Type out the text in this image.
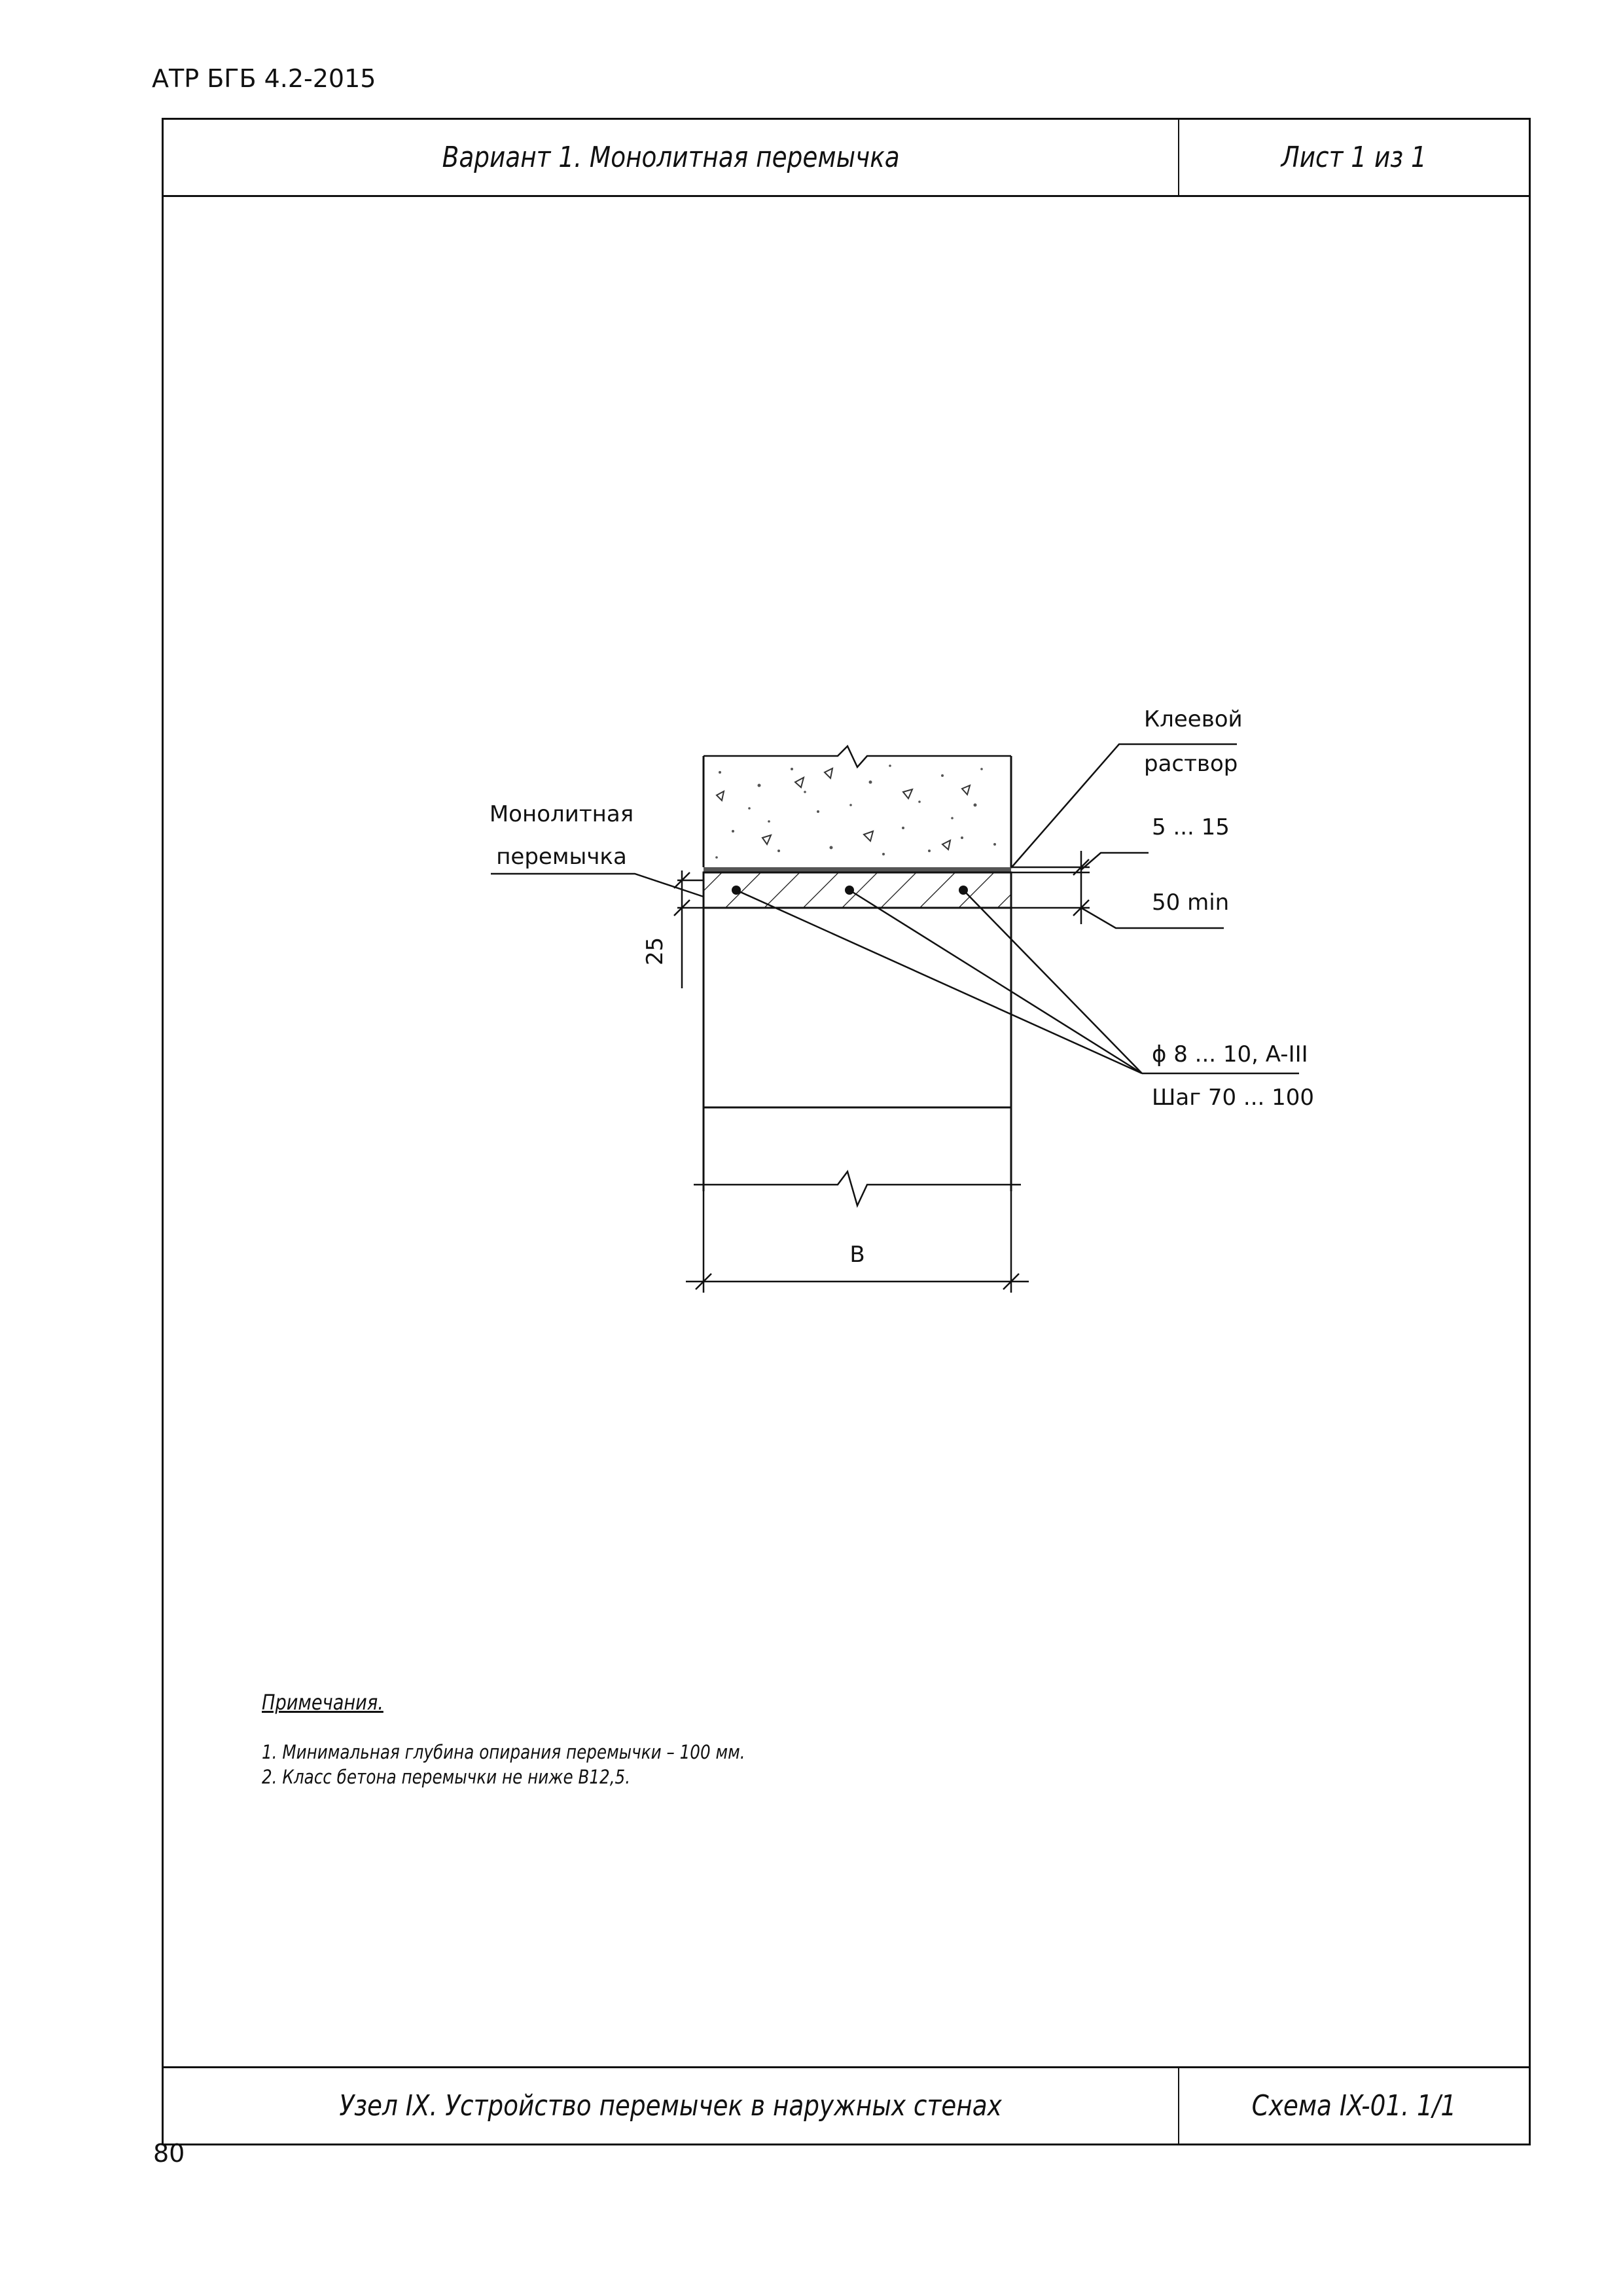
АТР БГБ 4.2-2015
Вариант 1. Монолитная перемычка	Лист 1 из 1
Узел IX. Устройство перемычек в наружных стенах	Схема IX-01. 1/1
B
5 ... 15
50 min
Клеевой
раствор
Монолитная
перемычка
25
ϕ 8 ... 10, A-III
Шаг 70 ... 100
Примечания.
1. Минимальная глубина опирания перемычки – 100 мм.
2. Класс бетона перемычки не ниже B12,5.
80
